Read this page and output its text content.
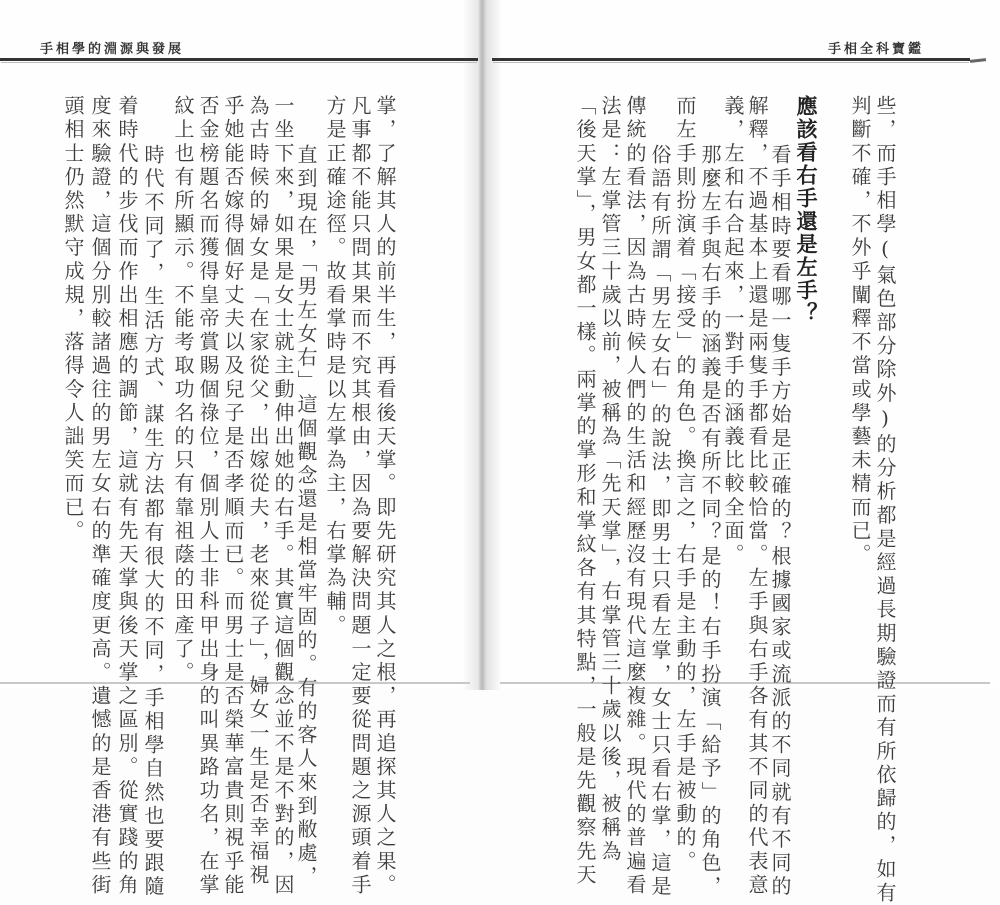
手相學的淵源與發展	手相全科寶鑑
些，而手相學(氣色部分除外)的分析都是經過長期驗證而有所依歸的，如有
判斷不確，不外乎闡釋不當或學藝未精而已。
應該看右手還是左手？
看手相時要看哪一隻手方始是正確的？根據國家或流派的不同就有不同的
解釋，不過基本上還是兩隻手都看比較恰當。左手與右手各有其不同的代表意
義，左和右合起來，一對手的涵義比較全面。
那麼左手與右手的涵義是否有所不同？是的！右手扮演「給予」的角色，
而左手則扮演着「接受」的角色。換言之，右手是主動的，左手是被動的。
俗語有所謂「男左女右」的說法，即男士只看左掌，女士只看右掌，這是
傳統的看法，因為古時候人們的生活和經歷沒有現代這麼複雜。現代的普遍看
法是：左掌管三十歲以前，被稱為「先天掌」，右掌管三十歲以後，被稱為
「後天掌」，男女都一樣。兩掌的掌形和掌紋各有其特點，一般是先觀察先天
掌，了解其人的前半生，再看後天掌。即先研究其人之根，再追探其人之果。
凡事都不能只問其果而不究其根由，因為要解決問題一定要從問題之源頭着手
方是正確途徑。故看掌時是以左掌為主，右掌為輔。
直到現在，「男左女右」這個觀念還是相當牢固的。有的客人來到敝處，
一坐下來，如果是女士就主動伸出她的右手。其實這個觀念並不是不對的，因
為古時候的婦女是「在家從父，出嫁從夫，老來從子」，婦女一生是否幸福視
乎她能否嫁得個好丈夫以及兒子是否孝順而已。而男士是否榮華富貴則視乎能
否金榜題名而獲得皇帝賞賜個祿位，個別人士非科甲出身的叫異路功名，在掌
紋上也有所顯示。不能考取功名的只有靠祖蔭的田產了。
時代不同了，生活方式、謀生方法都有很大的不同，手相學自然也要跟隨
着時代的步伐而作出相應的調節，這就有先天掌與後天掌之區別。從實踐的角
度來驗證，這個分別較諸過往的男左女右的準確度更高。遺憾的是香港有些街
頭相士仍然默守成規，落得令人詘笑而已。
